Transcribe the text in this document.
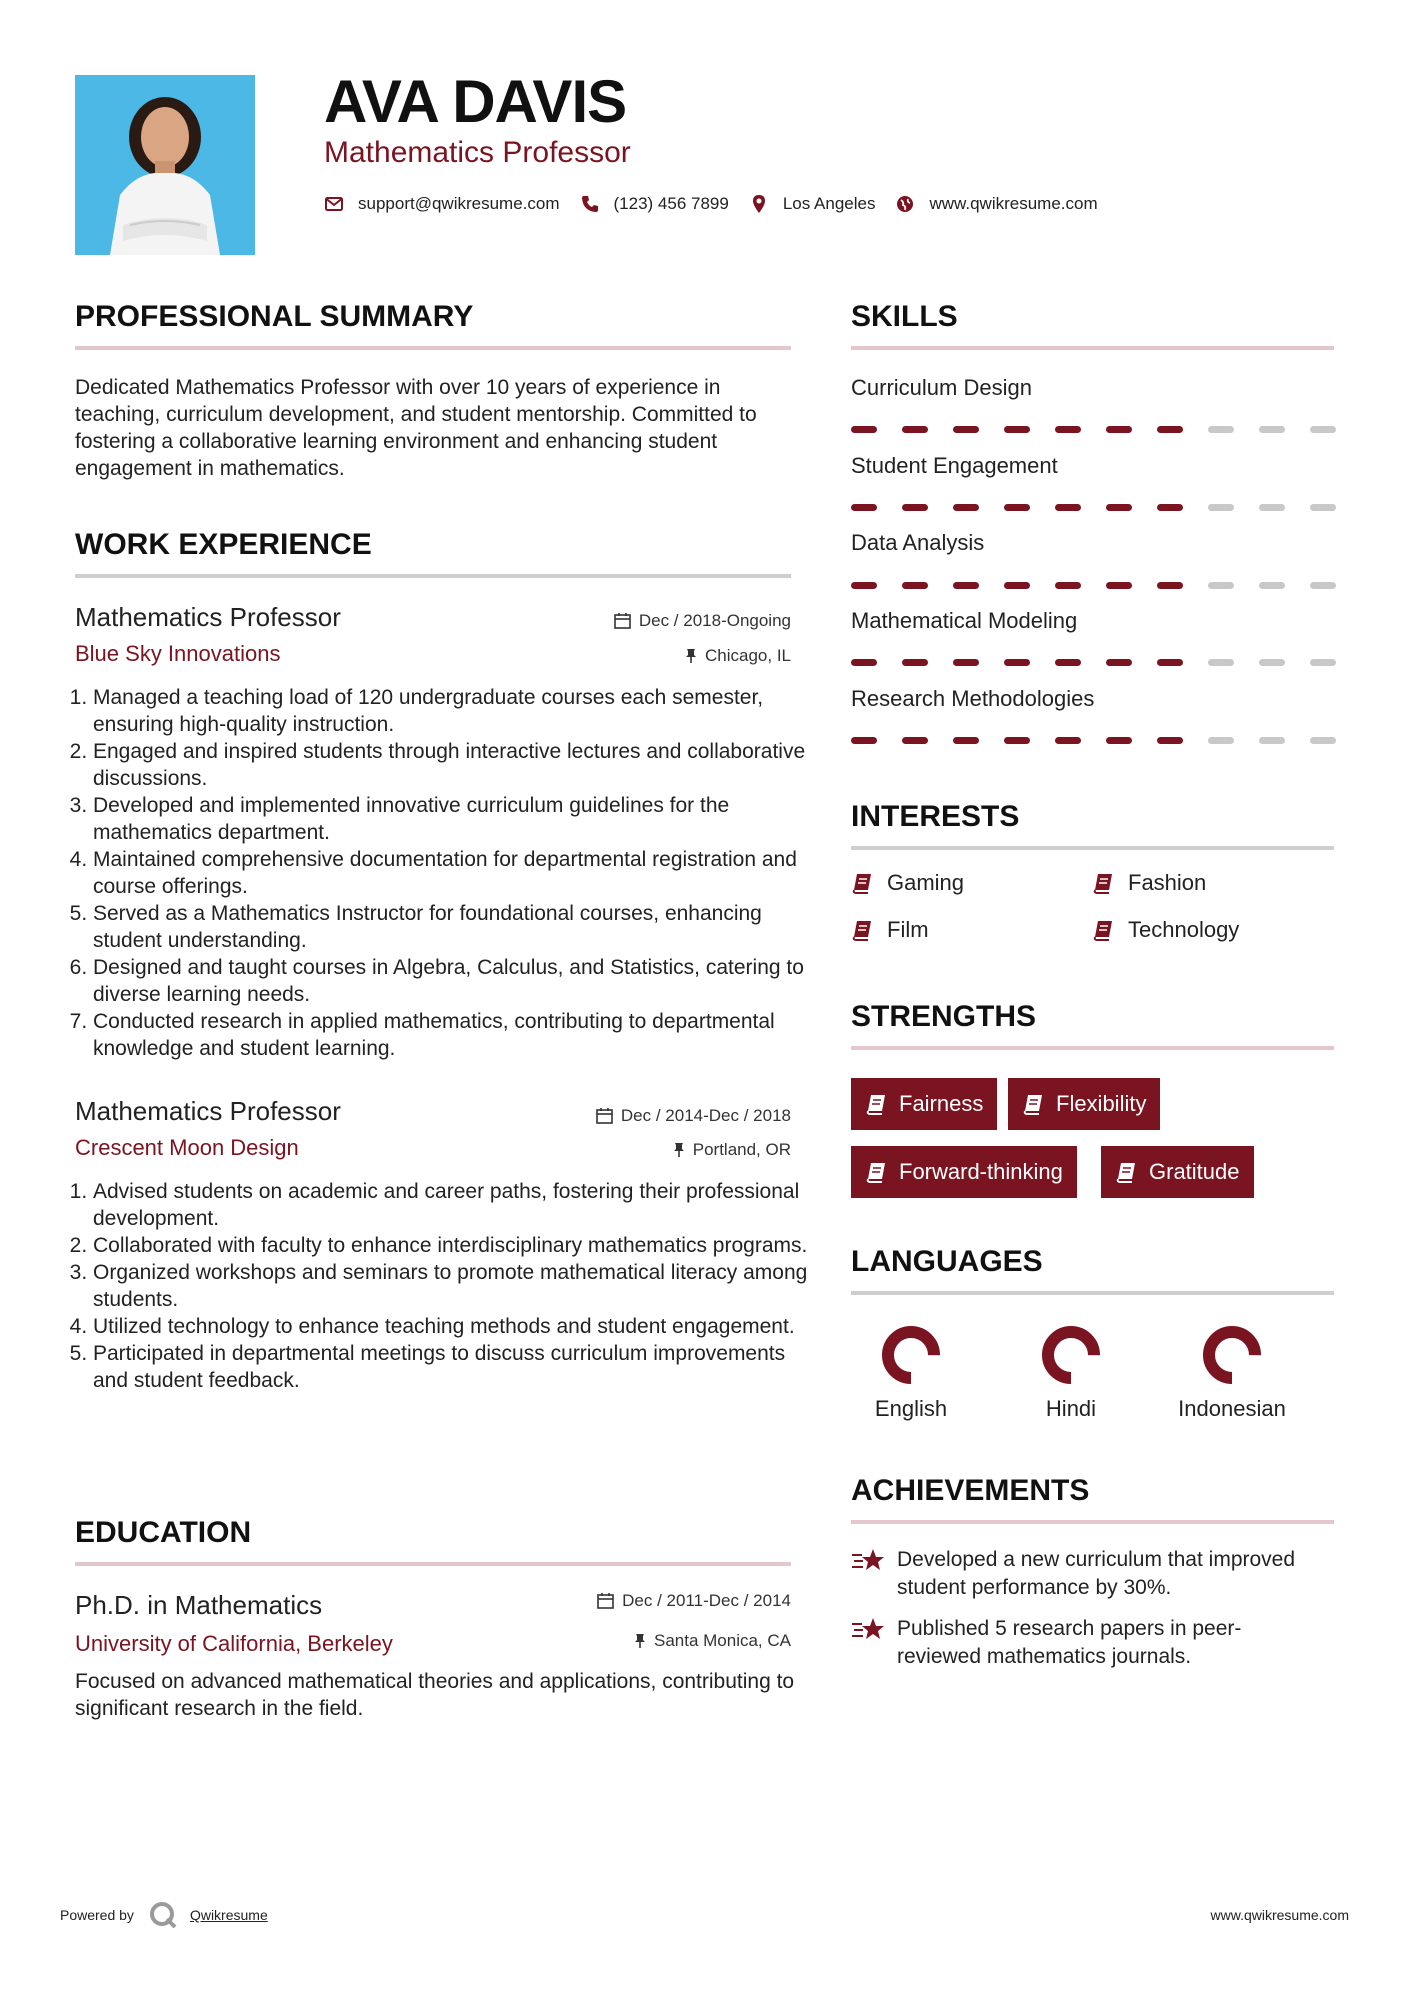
AVA DAVIS
Mathematics Professor
support@qwikresume.com	(123) 456 7899	Los Angeles	www.qwikresume.com
PROFESSIONAL SUMMARY
Dedicated Mathematics Professor with over 10 years of experience in teaching, curriculum development, and student mentorship. Committed to fostering a collaborative learning environment and enhancing student engagement in mathematics.
WORK EXPERIENCE
Mathematics Professor	Dec / 2018-Ongoing
Blue Sky Innovations	Chicago, IL
1. Managed a teaching load of 120 undergraduate courses each semester, ensuring high-quality instruction.
2. Engaged and inspired students through interactive lectures and collaborative discussions.
3. Developed and implemented innovative curriculum guidelines for the mathematics department.
4. Maintained comprehensive documentation for departmental registration and course offerings.
5. Served as a Mathematics Instructor for foundational courses, enhancing student understanding.
6. Designed and taught courses in Algebra, Calculus, and Statistics, catering to diverse learning needs.
7. Conducted research in applied mathematics, contributing to departmental knowledge and student learning.
Mathematics Professor	Dec / 2014-Dec / 2018
Crescent Moon Design	Portland, OR
1. Advised students on academic and career paths, fostering their professional development.
2. Collaborated with faculty to enhance interdisciplinary mathematics programs.
3. Organized workshops and seminars to promote mathematical literacy among students.
4. Utilized technology to enhance teaching methods and student engagement.
5. Participated in departmental meetings to discuss curriculum improvements and student feedback.
EDUCATION
Ph.D. in Mathematics	Dec / 2011-Dec / 2014
University of California, Berkeley	Santa Monica, CA
Focused on advanced mathematical theories and applications, contributing to significant research in the field.
SKILLS
Curriculum Design
Student Engagement
Data Analysis
Mathematical Modeling
Research Methodologies
INTERESTS
Gaming	Fashion
Film	Technology
STRENGTHS
Fairness	Flexibility
Forward-thinking	Gratitude
LANGUAGES
English	Hindi	Indonesian
ACHIEVEMENTS
Developed a new curriculum that improved student performance by 30%.
Published 5 research papers in peer-reviewed mathematics journals.
Powered by	Qwikresume	www.qwikresume.com
